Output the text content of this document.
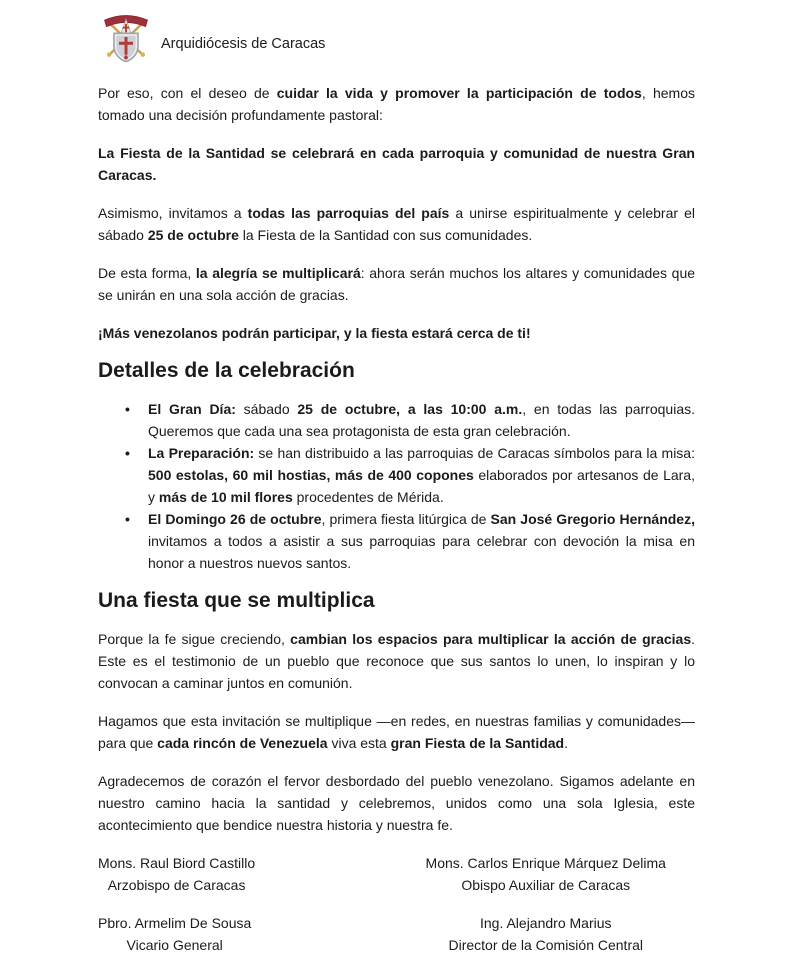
Arquidiócesis de Caracas

Por eso, con el deseo de cuidar la vida y promover la participación de todos, hemos tomado una decisión profundamente pastoral:

La Fiesta de la Santidad se celebrará en cada parroquia y comunidad de nuestra Gran Caracas.

Asimismo, invitamos a todas las parroquias del país a unirse espiritualmente y celebrar el sábado 25 de octubre la Fiesta de la Santidad con sus comunidades.

De esta forma, la alegría se multiplicará: ahora serán muchos los altares y comunidades que se unirán en una sola acción de gracias.

¡Más venezolanos podrán participar, y la fiesta estará cerca de ti!

Detalles de la celebración
• El Gran Día: sábado 25 de octubre, a las 10:00 a.m., en todas las parroquias. Queremos que cada una sea protagonista de esta gran celebración.
• La Preparación: se han distribuido a las parroquias de Caracas símbolos para la misa: 500 estolas, 60 mil hostias, más de 400 copones elaborados por artesanos de Lara, y más de 10 mil flores procedentes de Mérida.
• El Domingo 26 de octubre, primera fiesta litúrgica de San José Gregorio Hernández, invitamos a todos a asistir a sus parroquias para celebrar con devoción la misa en honor a nuestros nuevos santos.
Una fiesta que se multiplica

Porque la fe sigue creciendo, cambian los espacios para multiplicar la acción de gracias. Este es el testimonio de un pueblo que reconoce que sus santos lo unen, lo inspiran y lo convocan a caminar juntos en comunión.

Hagamos que esta invitación se multiplique —en redes, en nuestras familias y comunidades— para que cada rincón de Venezuela viva esta gran Fiesta de la Santidad.

Agradecemos de corazón el fervor desbordado del pueblo venezolano. Sigamos adelante en nuestro camino hacia la santidad y celebremos, unidos como una sola Iglesia, este acontecimiento que bendice nuestra historia y nuestra fe.

Mons. Raul Biord Castillo
Arzobispo de Caracas
Mons. Carlos Enrique Márquez Delima
Obispo Auxiliar de Caracas
Pbro. Armelim De Sousa
Vicario General
Ing. Alejandro Marius
Director de la Comisión Central
